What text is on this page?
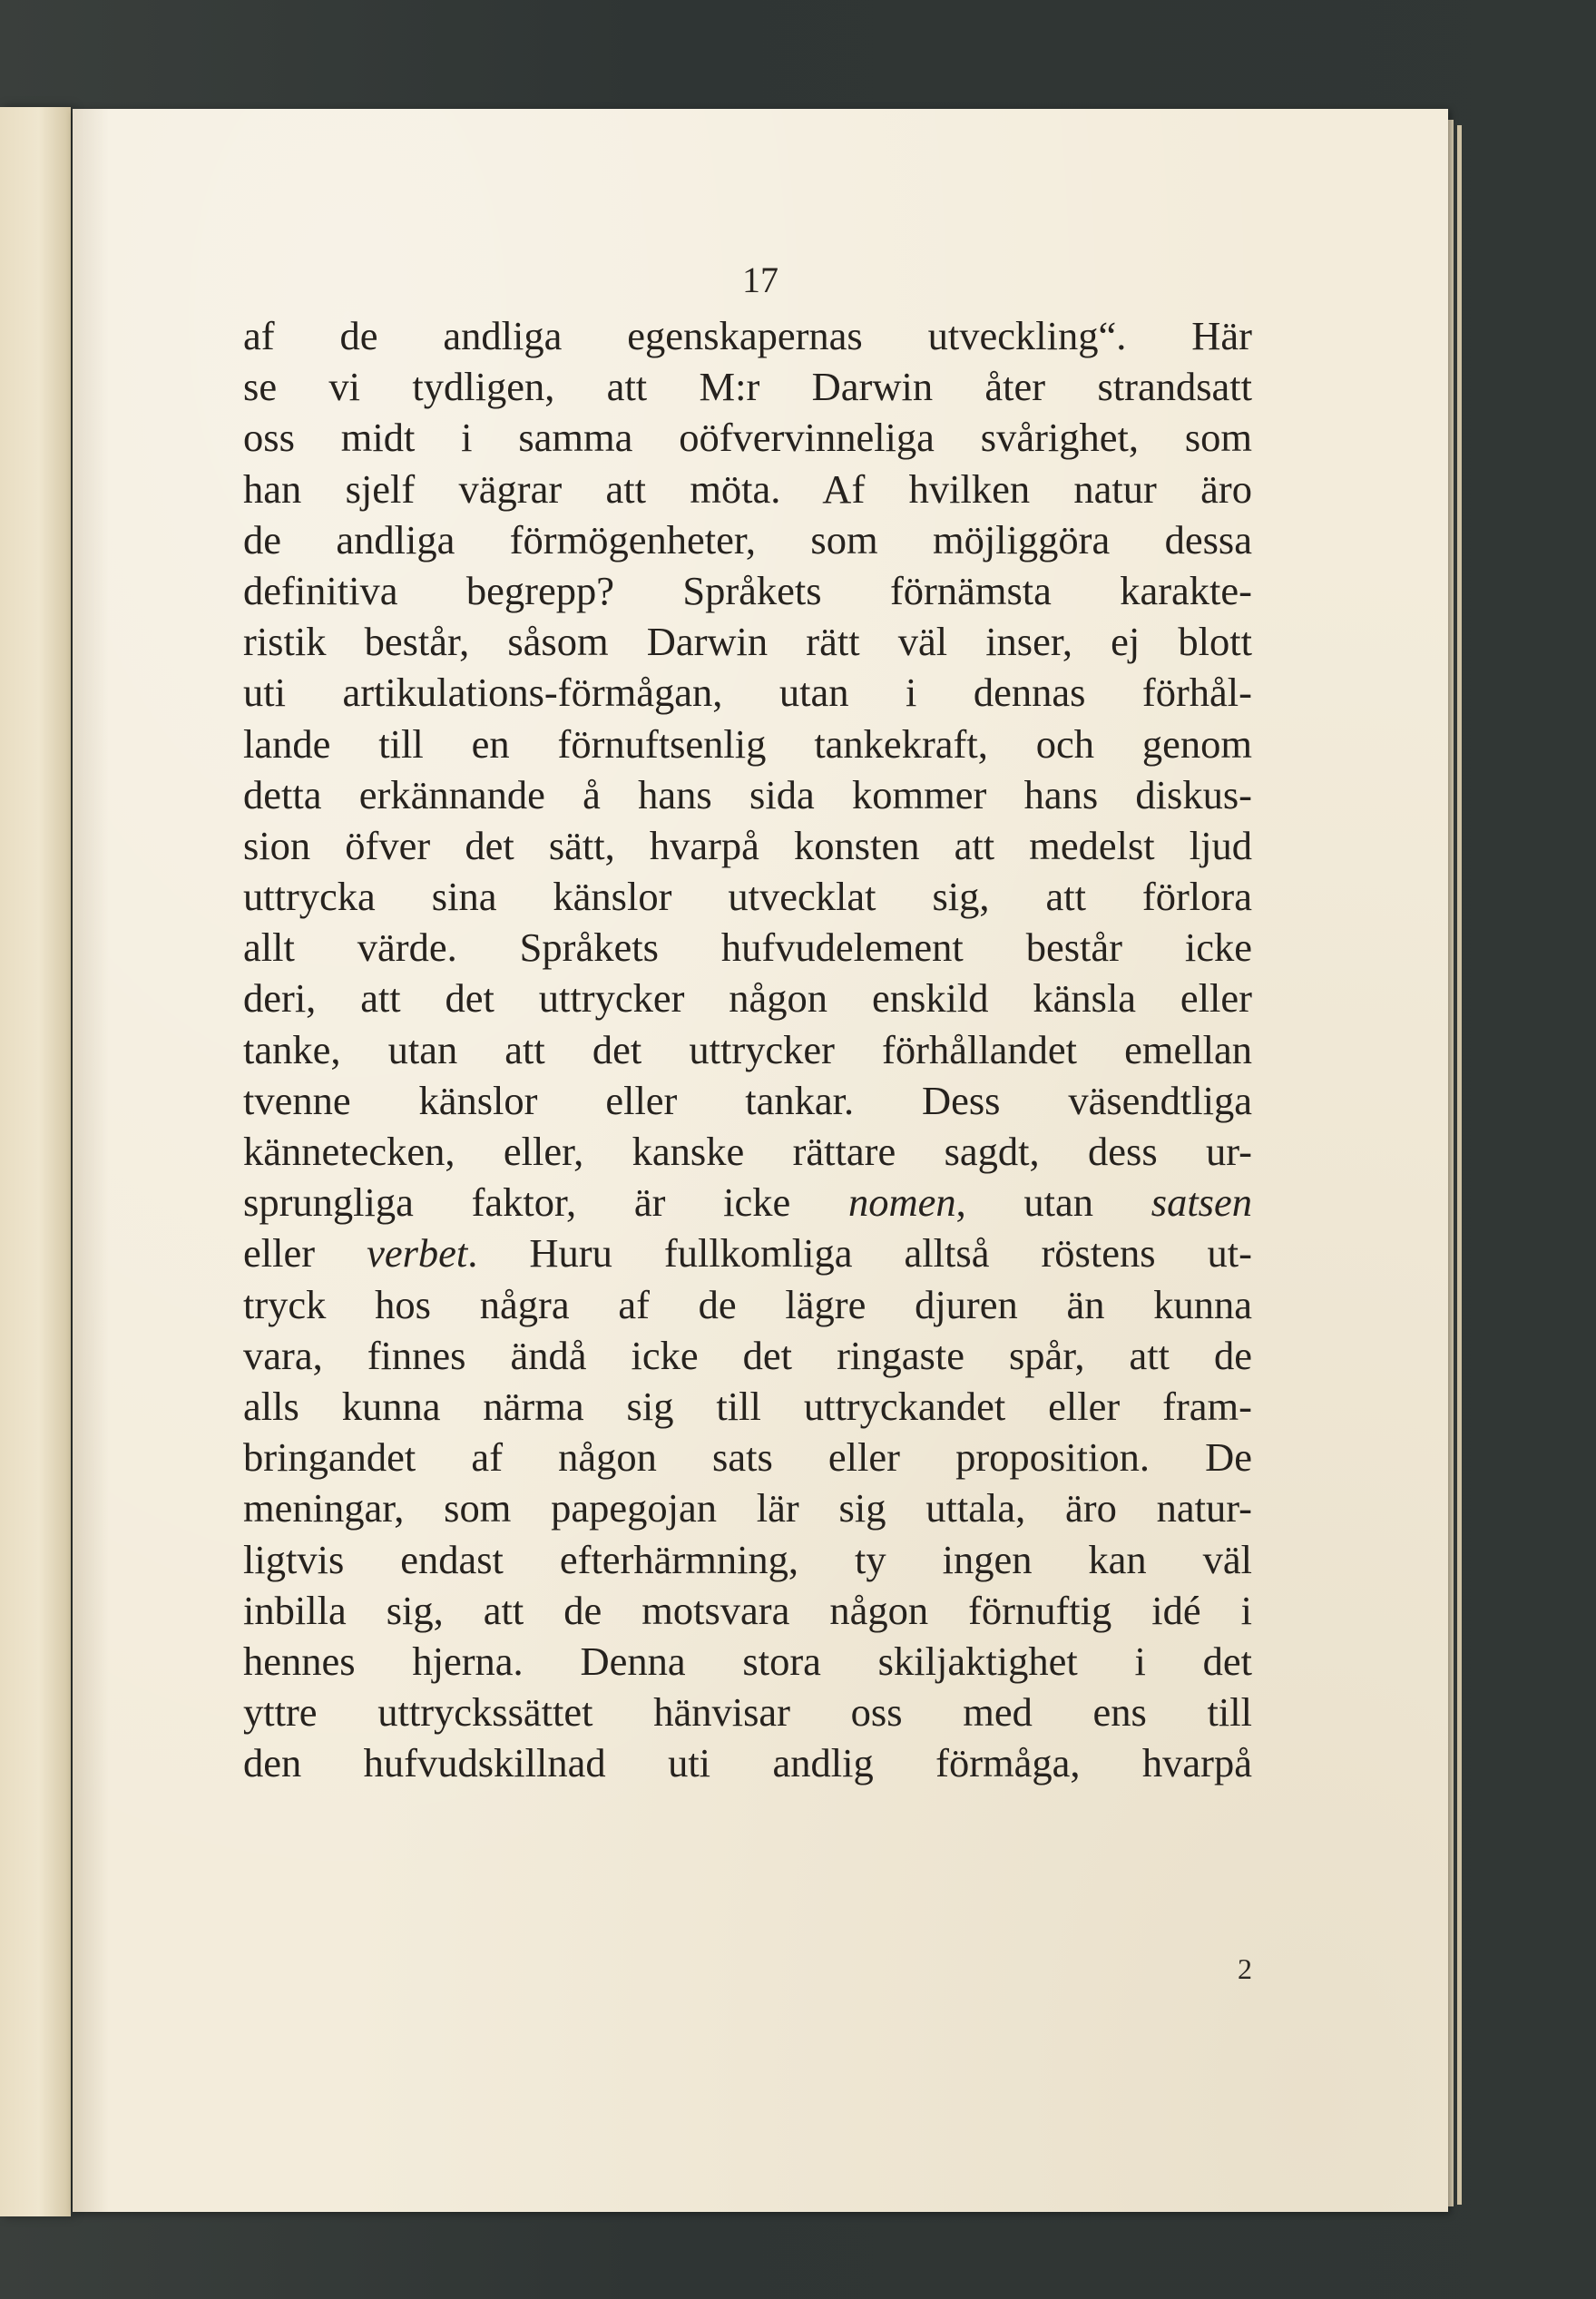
17
af de andliga egenskapernas utveckling“. Här
se vi tydligen, att M:r Darwin åter strandsatt
oss midt i samma oöfvervinneliga svårighet, som
han sjelf vägrar att möta. Af hvilken natur äro
de andliga förmögenheter, som möjliggöra dessa
definitiva begrepp? Språkets förnämsta karakte-
ristik består, såsom Darwin rätt väl inser, ej blott
uti artikulations-förmågan, utan i dennas förhål-
lande till en förnuftsenlig tankekraft, och genom
detta erkännande å hans sida kommer hans diskus-
sion öfver det sätt, hvarpå konsten att medelst ljud
uttrycka sina känslor utvecklat sig, att förlora
allt värde. Språkets hufvudelement består icke
deri, att det uttrycker någon enskild känsla eller
tanke, utan att det uttrycker förhållandet emellan
tvenne känslor eller tankar. Dess väsendtliga
kännetecken, eller, kanske rättare sagdt, dess ur-
sprungliga faktor, är icke nomen, utan satsen
eller verbet. Huru fullkomliga alltså röstens ut-
tryck hos några af de lägre djuren än kunna
vara, finnes ändå icke det ringaste spår, att de
alls kunna närma sig till uttryckandet eller fram-
bringandet af någon sats eller proposition. De
meningar, som papegojan lär sig uttala, äro natur-
ligtvis endast efterhärmning, ty ingen kan väl
inbilla sig, att de motsvara någon förnuftig idé i
hennes hjerna. Denna stora skiljaktighet i det
yttre uttryckssättet hänvisar oss med ens till
den hufvudskillnad uti andlig förmåga, hvarpå
2
